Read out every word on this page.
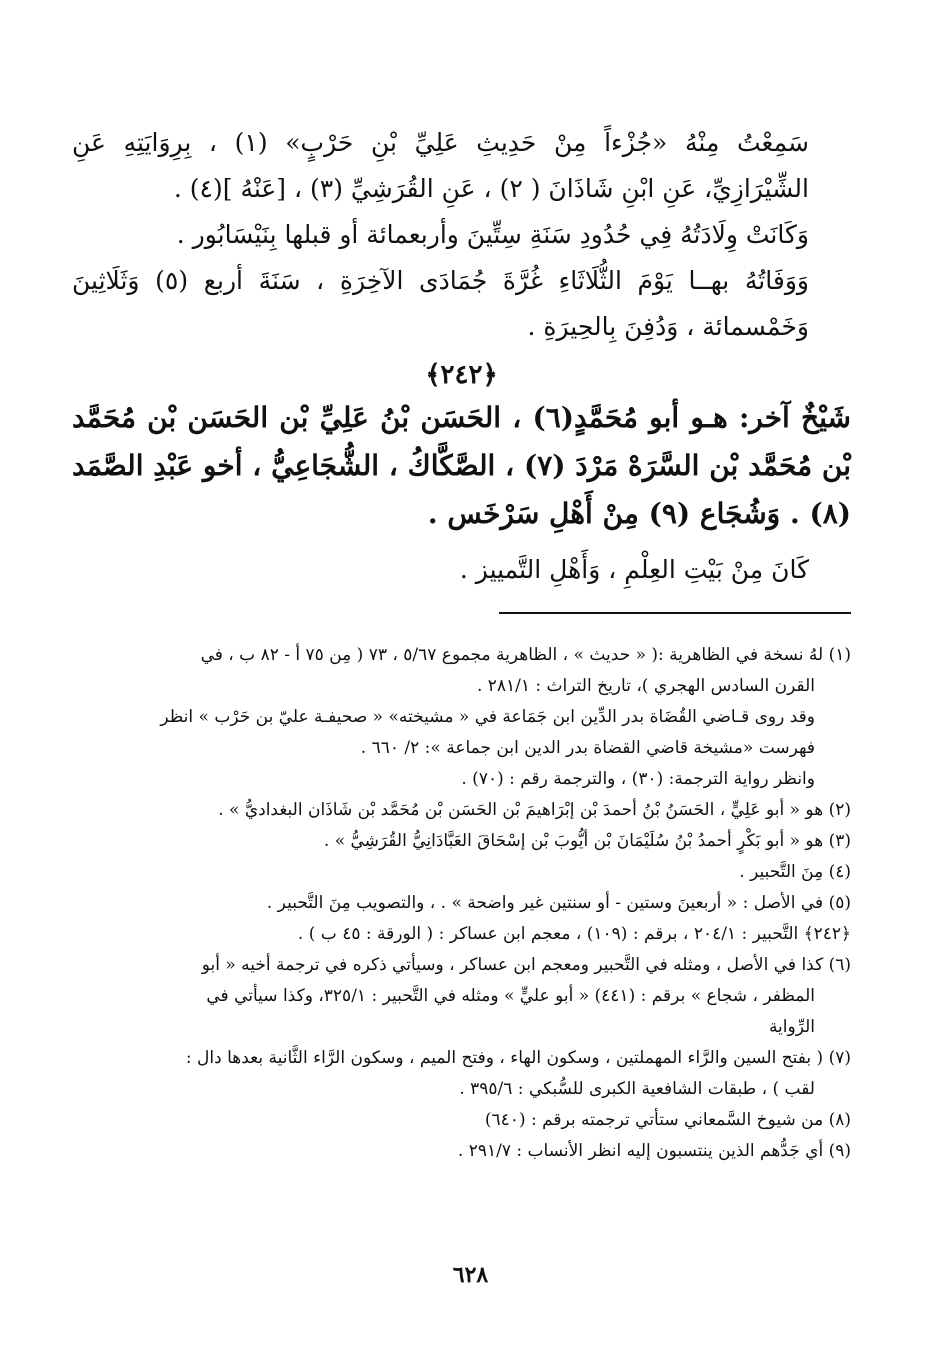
سَمِعْتُ مِنْهُ «جُزْءاً مِنْ حَدِيثِ عَلِيِّ بْنِ حَرْبٍ» (١) ، بِرِوَايَتِهِ عَنِ الشِّيْرَازِيِّ، عَنِ ابْنِ شَاذَانَ ( ٢) ، عَنِ القُرَشِيِّ (٣) ، [عَنْهُ ](٤) .

وَكَانَتْ وِلَادَتُهُ فِي حُدُودِ سَنَةِ سِتِّينَ وأربعمائة أو قبلها بِنَيْسَابُور .

وَوَفَاتُهُ بهــا يَوْمَ الثُّلَاثَاءِ غُرَّةَ جُمَادَى الآخِرَةِ ، سَنَةَ أربع (٥) وَثَلَاثِينَ وَخَمْسمائة ، وَدُفِنَ بِالحِيرَةِ .

﴿٢٤٢﴾

شَيْخٌ آخر: هـو أبو مُحَمَّدٍ(٦) ، الحَسَن بْنُ عَلِيِّ بْن الحَسَن بْن مُحَمَّد بْن مُحَمَّد بْن السَّرَهْ مَرْدَ (٧) ، الصَّكَّاكُ ، الشُّجَاعِيُّ ، أخو عَبْدِ الصَّمَد (٨) . وَشُجَاع (٩) مِنْ أَهْلِ سَرْخَس .

كَانَ مِنْ بَيْتِ العِلْمِ ، وَأَهْلِ التَّمييز .

(١) لهُ نسخة في الظاهرية :( « حديث » ، الظاهرية مجموع ٥/٦٧ ، ٧٣ ( مِن ٧٥ أ - ٨٢ ب ، في

القرن السادس الهجري )، تاريخ التراث : ٢٨١/١ .

وقد روى قـاضي القُضَاة بدر الدِّين ابن جَمَاعة في « مشيخته» « صحيفـة عليّ بن حَرْب » انظر

فهرست «مشيخة قاضي القضاة بدر الدين ابن جماعة »: ٢/ ٦٦٠ .

وانظر رواية الترجمة: (٣٠) ، والترجمة رقم : (٧٠) .

(٢) هو « أبو عَلِيٍّ ، الحَسَنُ بْنُ أحمدَ بْن إبْرَاهيمَ بْن الحَسَن بْن مُحَمَّد بْن شَاذَان البغداديُّ » .

(٣) هو « أبو بَكْرٍ أحمدُ بْنُ سُلَيْمَانَ بْن أيُّوبَ بْن إسْحَاقَ العَبَّادَانِيُّ القُرَشِيُّ » .

(٤) مِنَ التَّحبير .

(٥) في الأصل : « أربعينَ وستين - أو سنتين غير واضحة » . ، والتصويب مِنَ التَّحبير .

﴿٢٤٢﴾ التَّحبير : ٢٠٤/١ ، برقم : (١٠٩) ، معجم ابن عساكر : ( الورقة : ٤٥ ب ) .

(٦) كذا في الأصل ، ومثله في التَّحبير ومعجم ابن عساكر ، وسيأتي ذكره في ترجمة أخيه « أبو

المظفر ، شجاع » برقم : (٤٤١) « أبو عليٍّ » ومثله في التَّحبير : ٣٢٥/١، وكذا سيأتي في

الرِّواية

(٧) ( بفتح السين والرَّاء المهملتين ، وسكون الهاء ، وفتح الميم ، وسكون الرَّاء الثَّانية بعدها دال :

لقب ) ، طبقات الشافعية الكبرى للسُّبكي : ٣٩٥/٦ .

(٨) من شيوخ السَّمعاني ستأتي ترجمته برقم : (٦٤٠)

(٩) أي جَدُّهم الذين ينتسبون إليه انظر الأنساب : ٢٩١/٧ .

٦٢٨
